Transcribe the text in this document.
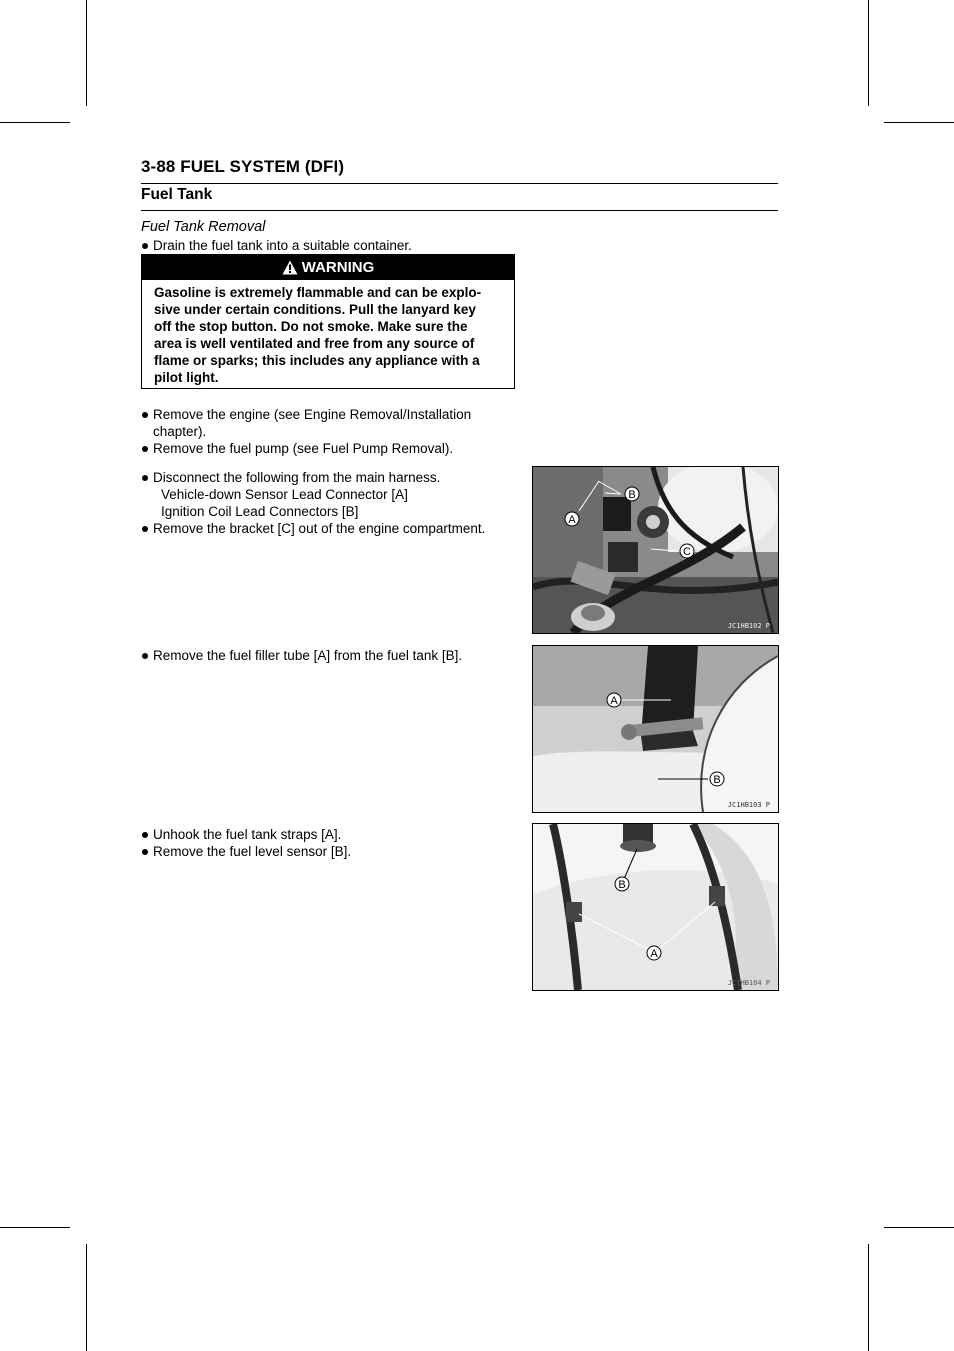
3-88 FUEL SYSTEM (DFI)
Fuel Tank
Fuel Tank Removal
Drain the fuel tank into a suitable container.
WARNING
Gasoline is extremely flammable and can be explo-
sive under certain conditions. Pull the lanyard key
off the stop button. Do not smoke. Make sure the
area is well ventilated and free from any source of
flame or sparks; this includes any appliance with a
pilot light.
Remove the engine (see Engine Removal/Installation
chapter).
Remove the fuel pump (see Fuel Pump Removal).
Disconnect the following from the main harness.
Vehicle-down Sensor Lead Connector [A]
Ignition Coil Lead Connectors [B]
Remove the bracket [C] out of the engine compartment.
Remove the fuel filler tube [A] from the fuel tank [B].
Unhook the fuel tank straps [A].
Remove the fuel level sensor [B].
A
B
C
JC1HB102 P
A
B
JC1HB103 P
B
A
JC1HB104 P
